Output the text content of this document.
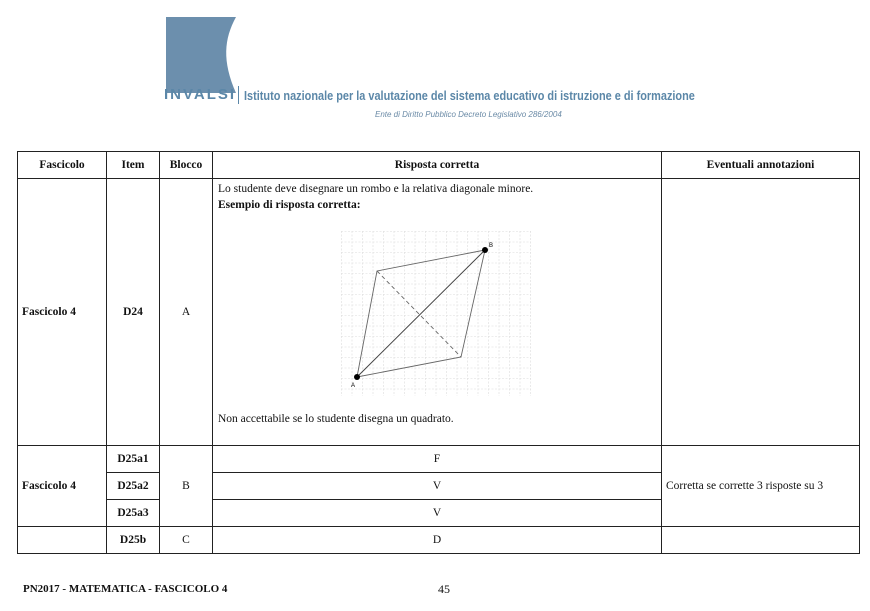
INVALSI Istituto nazionale per la valutazione del sistema educativo di istruzione e di formazione
Ente di Diritto Pubblico Decreto Legislativo 286/2004
Fascicolo	Item	Blocco	Risposta corretta	Eventuali annotazioni
Fascicolo 4	D24	A	Lo studente deve disegnare un rombo e la relativa diagonale minore.
Esempio di risposta corretta:
A
B
Non accettabile se lo studente disegna un quadrato.	

Fascicolo 4	D25a1	B	F	Corretta se corrette 3 risposte su 3
	D25a2		V	
	D25a3		V	
	D25b	C	D	
PN2017 - MATEMATICA - FASCICOLO 4	45
